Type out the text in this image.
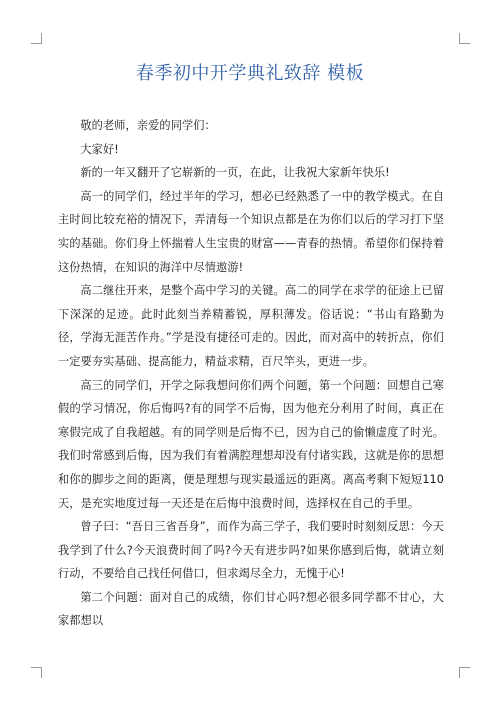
春季初中开学典礼致辞 模板

敬的老师，亲爱的同学们：

大家好!

新的一年又翻开了它崭新的一页，在此，让我祝大家新年快乐!

高一的同学们，经过半年的学习，想必已经熟悉了一中的教学模式。在自主时间比较充裕的情况下，弄清每一个知识点都是在为你们以后的学习打下坚实的基础。你们身上怀揣着人生宝贵的财富——青春的热情。希望你们保持着这份热情，在知识的海洋中尽情遨游!

高二继往开来，是整个高中学习的关键。高二的同学在求学的征途上已留下深深的足迹。此时此刻当养精蓄锐，厚积薄发。俗话说：“书山有路勤为径，学海无涯苦作舟。”学是没有捷径可走的。因此，而对高中的转折点，你们一定要夯实基础、提高能力，精益求精，百尺竿头，更进一步。

高三的同学们，开学之际我想问你们两个问题，第一个问题：回想自己寒假的学习情况，你后悔吗?有的同学不后悔，因为他充分利用了时间，真正在寒假完成了自我超越。有的同学则是后悔不已，因为自己的偷懒虚度了时光。我们时常感到后悔，因为我们有着满腔理想却没有付诸实践，这就是你的思想和你的脚步之间的距离，便是理想与现实最遥远的距离。离高考剩下短短110天，是充实地度过每一天还是在后悔中浪费时间，选择权在自己的手里。

曾子曰：“吾日三省吾身”，而作为高三学子，我们要时时刻刻反思：今天我学到了什么?今天浪费时间了吗?今天有进步吗?如果你感到后悔，就请立刻行动，不要给自己找任何借口，但求竭尽全力，无愧于心!

第二个问题：面对自己的成绩，你们甘心吗?想必很多同学都不甘心，大家都想以
